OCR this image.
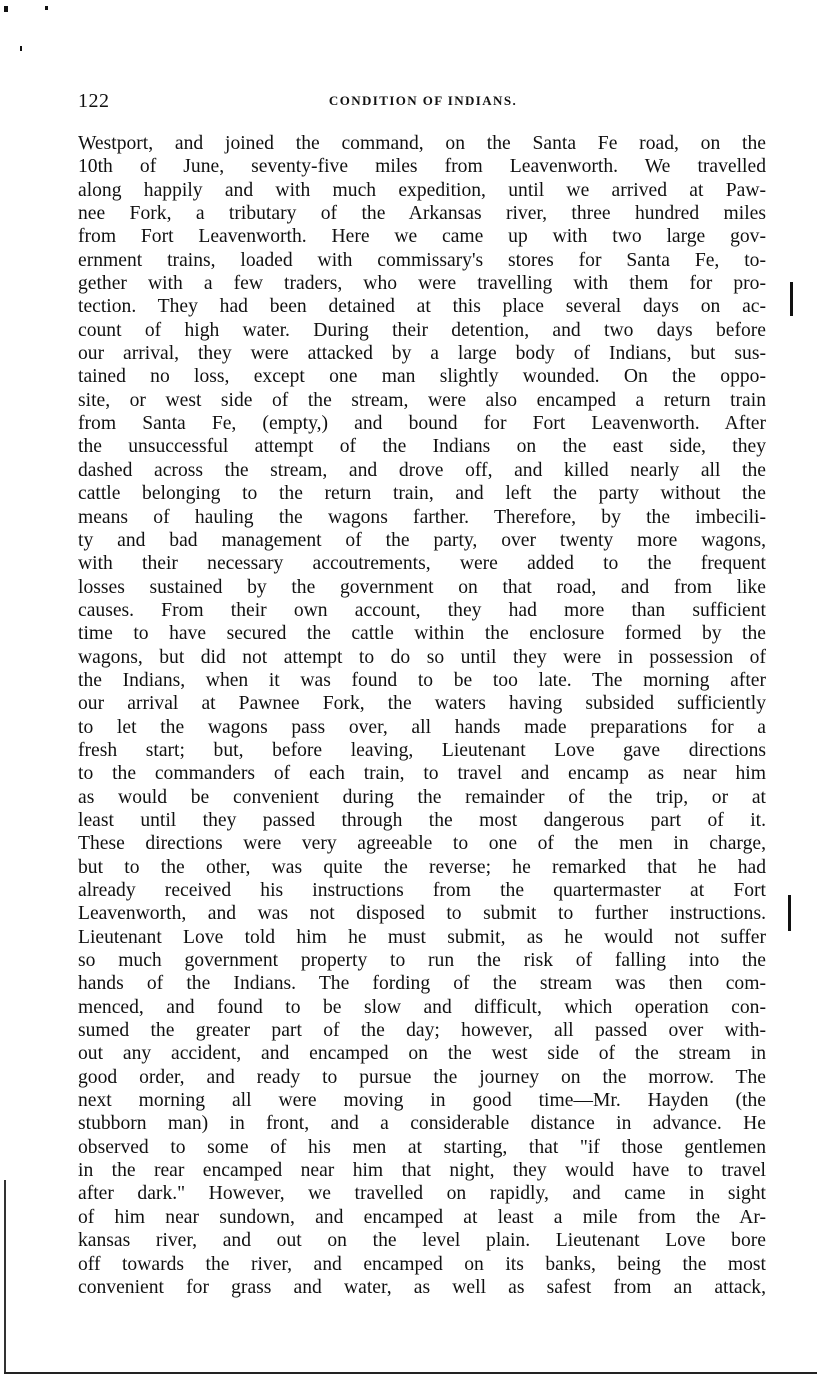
122	CONDITION OF INDIANS.
Westport, and joined the command, on the Santa Fe road, on the
10th of June, seventy-five miles from Leavenworth. We travelled
along happily and with much expedition, until we arrived at Paw-
nee Fork, a tributary of the Arkansas river, three hundred miles
from Fort Leavenworth. Here we came up with two large gov-
ernment trains, loaded with commissary's stores for Santa Fe, to-
gether with a few traders, who were travelling with them for pro-
tection. They had been detained at this place several days on ac-
count of high water. During their detention, and two days before
our arrival, they were attacked by a large body of Indians, but sus-
tained no loss, except one man slightly wounded. On the oppo-
site, or west side of the stream, were also encamped a return train
from Santa Fe, (empty,) and bound for Fort Leavenworth. After
the unsuccessful attempt of the Indians on the east side, they
dashed across the stream, and drove off, and killed nearly all the
cattle belonging to the return train, and left the party without the
means of hauling the wagons farther. Therefore, by the imbecili-
ty and bad management of the party, over twenty more wagons,
with their necessary accoutrements, were added to the frequent
losses sustained by the government on that road, and from like
causes. From their own account, they had more than sufficient
time to have secured the cattle within the enclosure formed by the
wagons, but did not attempt to do so until they were in possession of
the Indians, when it was found to be too late. The morning after
our arrival at Pawnee Fork, the waters having subsided sufficiently
to let the wagons pass over, all hands made preparations for a
fresh start; but, before leaving, Lieutenant Love gave directions
to the commanders of each train, to travel and encamp as near him
as would be convenient during the remainder of the trip, or at
least until they passed through the most dangerous part of it.
These directions were very agreeable to one of the men in charge,
but to the other, was quite the reverse; he remarked that he had
already received his instructions from the quartermaster at Fort
Leavenworth, and was not disposed to submit to further instructions.
Lieutenant Love told him he must submit, as he would not suffer
so much government property to run the risk of falling into the
hands of the Indians. The fording of the stream was then com-
menced, and found to be slow and difficult, which operation con-
sumed the greater part of the day; however, all passed over with-
out any accident, and encamped on the west side of the stream in
good order, and ready to pursue the journey on the morrow. The
next morning all were moving in good time—Mr. Hayden (the
stubborn man) in front, and a considerable distance in advance. He
observed to some of his men at starting, that "if those gentlemen
in the rear encamped near him that night, they would have to travel
after dark." However, we travelled on rapidly, and came in sight
of him near sundown, and encamped at least a mile from the Ar-
kansas river, and out on the level plain. Lieutenant Love bore
off towards the river, and encamped on its banks, being the most
convenient for grass and water, as well as safest from an attack,
